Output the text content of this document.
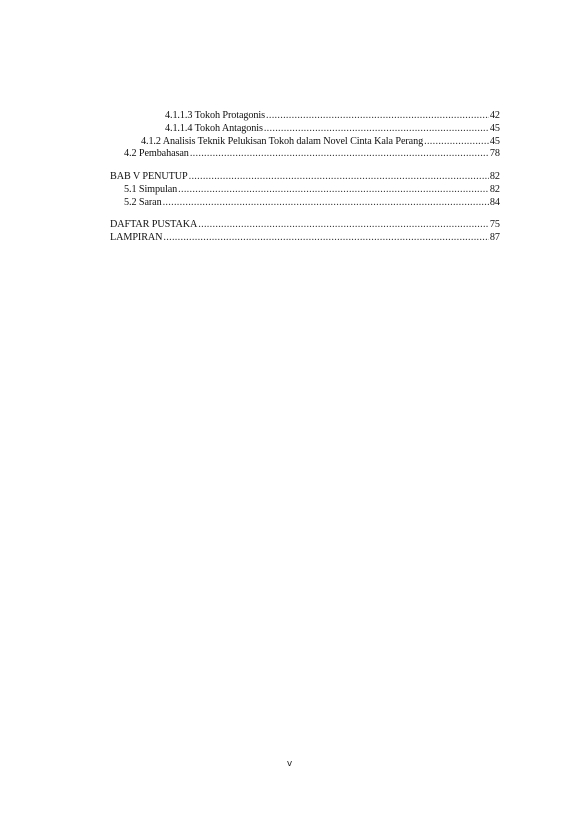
4.1.1.3 Tokoh Protagonis .....	42
4.1.1.4 Tokoh Antagonis .....	45
4.1.2 Analisis Teknik Pelukisan Tokoh dalam Novel Cinta Kala Perang .....	45
4.2 Pembahasan .....	78
BAB V PENUTUP .....	82
5.1 Simpulan .....	82
5.2 Saran .....	84
DAFTAR PUSTAKA .....	75
LAMPIRAN .....	87
v
